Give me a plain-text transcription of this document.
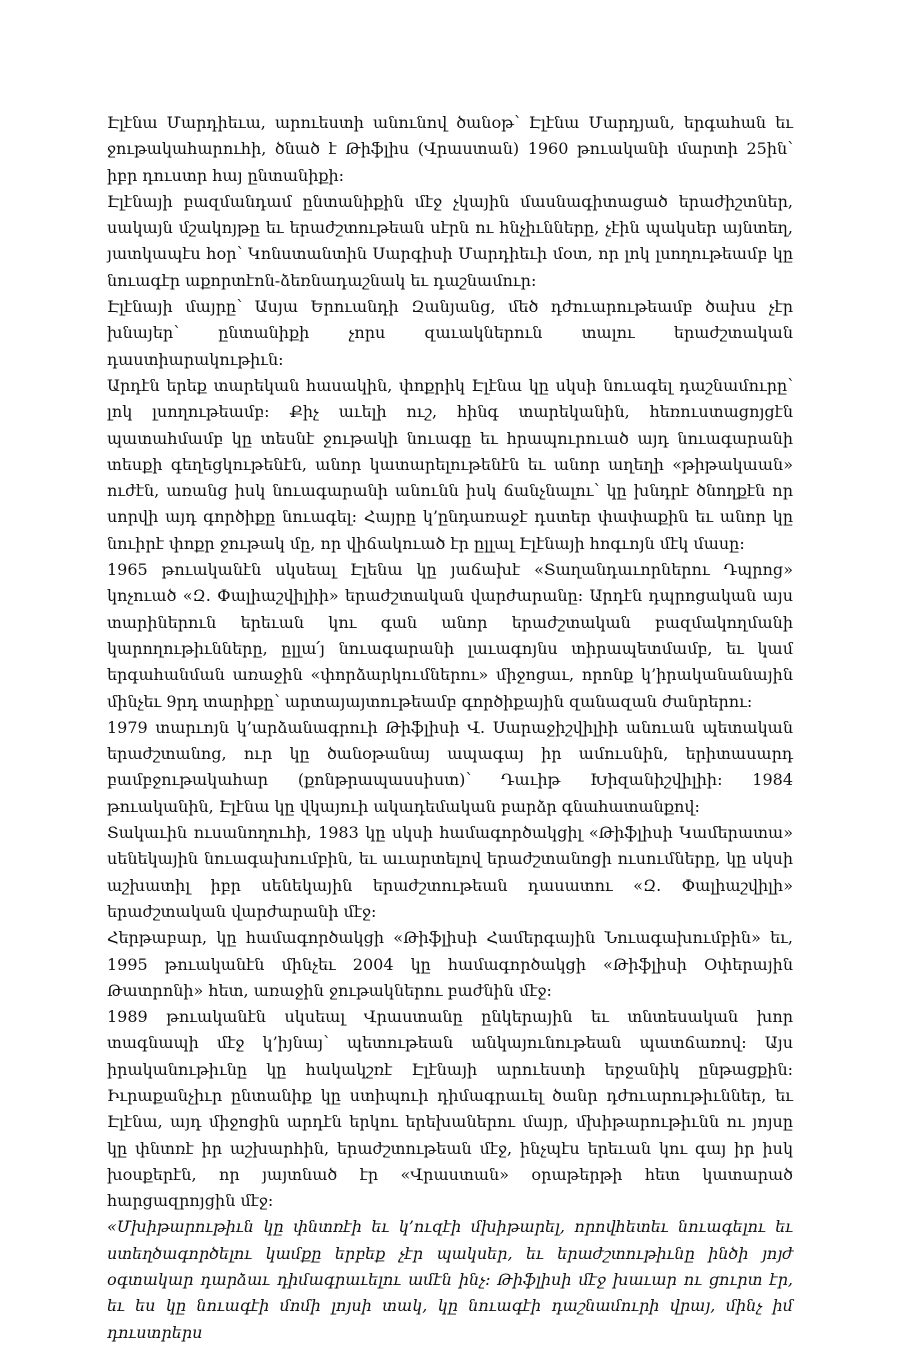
Էլէնա Մարդիեւա, արուեստի անունով ծանօթ՝ Էլէնա Մարդյան, երգահան եւ ջութակահարուհի, ծնած է Թիֆլիս (Վրաստան) 1960 թուականի մարտի 25ին՝ իբր դուստր հայ ընտանիքի:

Էլէնայի բազմանդամ ընտանիքին մէջ չկային մասնագիտացած երաժիշտներ, սակայն մշակոյթը եւ երաժշտութեան սէրն ու հնչիւնները, չէին պակսեր այնտեղ, յատկապէս հօր՝ Կոնստանտին Սարգիսի Մարդիեւի մօտ, որ լոկ լսողութեամբ կը նուագէր աքորտէոն-ձեռնադաշնակ եւ դաշնամուր:

Էլէնայի մայրը՝ Ասյա Երուանդի Զանյանց, մեծ դժուարութեամբ ծախս չէր խնայեր՝ ընտանիքի չորս զաւակներուն տալու երաժշտական դաստիարակութիւն:

Արդէն երեք տարեկան հասակին, փոքրիկ Էլէնա կը սկսի նուագել դաշնամուրը՝ լոկ լսողութեամբ: Քիչ աւելի ուշ, հինգ տարեկանին, հեռուստացոյցէն պատահմամբ կը տեսնէ ջութակի նուագը եւ հրապուրուած այդ նուագարանի տեսքի գեղեցկութենէն, անոր կատարելութենէն եւ անոր աղեղի «թիթակաան» ուժէն, առանց իսկ նուագարանի անունն իսկ ճանչնալու՝ կը խնդրէ ծնողքէն որ սորվի այդ գործիքը նուագել: Հայրը կ’ընդառաջէ դստեր փափաքին եւ անոր կը նուիրէ փոքր ջութակ մը, որ վիճակուած էր ըլլալ Էլէնայի հոգւոյն մէկ մասը:

1965 թուականէն սկսեալ Էլենա կը յաճախէ «Տաղանդաւորներու Դպրոց» կոչուած «Զ. Փալիաշվիլիի» երաժշտական վարժարանը: Արդէն դպրոցական այս տարիներուն երեւան կու գան անոր երաժշտական բազմակողմանի կարողութիւնները, ըլլա՛յ նուագարանի լաւագոյնս տիրապետմամբ, եւ կամ երգահանման առաջին «փորձարկումներու» միջոցաւ, որոնք կ’իրականանային մինչեւ 9րդ տարիքը՝ արտայայտութեամբ գործիքային զանազան ժանրերու:

1979 տարւոյն կ’արձանագրուի Թիֆլիսի Վ. Սարաջիշվիլիի անուան պետական երաժշտանոց, ուր կը ծանօթանայ ապագայ իր ամուսնին, երիտասարդ բամբջութակահար (քոնթրապասսիստ)՝ Դաւիթ Խիզանիշվիլիի: 1984 թուականին, Էլէնա կը վկայուի ակադեմական բարձր գնահատանքով:

Տակաւին ուսանողուհի, 1983 կը սկսի համագործակցիլ «Թիֆլիսի Կամերատա» սենեկային նուագախումբին, եւ աւարտելով երաժշտանոցի ուսումները, կը սկսի աշխատիլ իբր սենեկային երաժշտութեան դասատու «Զ. Փալիաշվիլի» երաժշտական վարժարանի մէջ:

Հերթաբար, կը համագործակցի «Թիֆլիսի Համերգային Նուագախումբին» եւ, 1995 թուականէն մինչեւ 2004 կը համագործակցի «Թիֆլիսի Օփերային Թատրոնի» հետ, առաջին ջութակներու բաժնին մէջ:

1989 թուականէն սկսեալ Վրաստանը ընկերային եւ տնտեսական խոր տագնապի մէջ կ’իյնայ՝ պետութեան անկայունութեան պատճառով: Այս իրականութիւնը կը հակակշռէ Էլէնայի արուեստի երջանիկ ընթացքին: Իւրաքանչիւր ընտանիք կը ստիպուի դիմագրաւել ծանր դժուարութիւններ, եւ Էլէնա, այդ միջոցին արդէն երկու երեխաներու մայր, մխիթարութիւնն ու յոյսը կը փնտռէ իր աշխարհին, երաժշտութեան մէջ, ինչպէս երեւան կու գայ իր իսկ խօսքերէն, որ յայտնած էր «Վրաստան» օրաթերթի հետ կատարած հարցազրոյցին մէջ:

«Մխիթարութիւն կը փնտռէի եւ կ’ուզէի մխիթարել, որովհետեւ նուագելու եւ ստեղծագործելու կամքը երբեք չէր պակսեր, եւ երաժշտութիւնը ինծի յոյժ օգտակար դարձաւ դիմագրաւելու ամէն ինչ: Թիֆլիսի մէջ խաւար ու ցուրտ էր, եւ ես կը նուագէի մոմի լոյսի տակ, կը նուագէի դաշնամուրի վրայ, մինչ իմ դուստրերս
